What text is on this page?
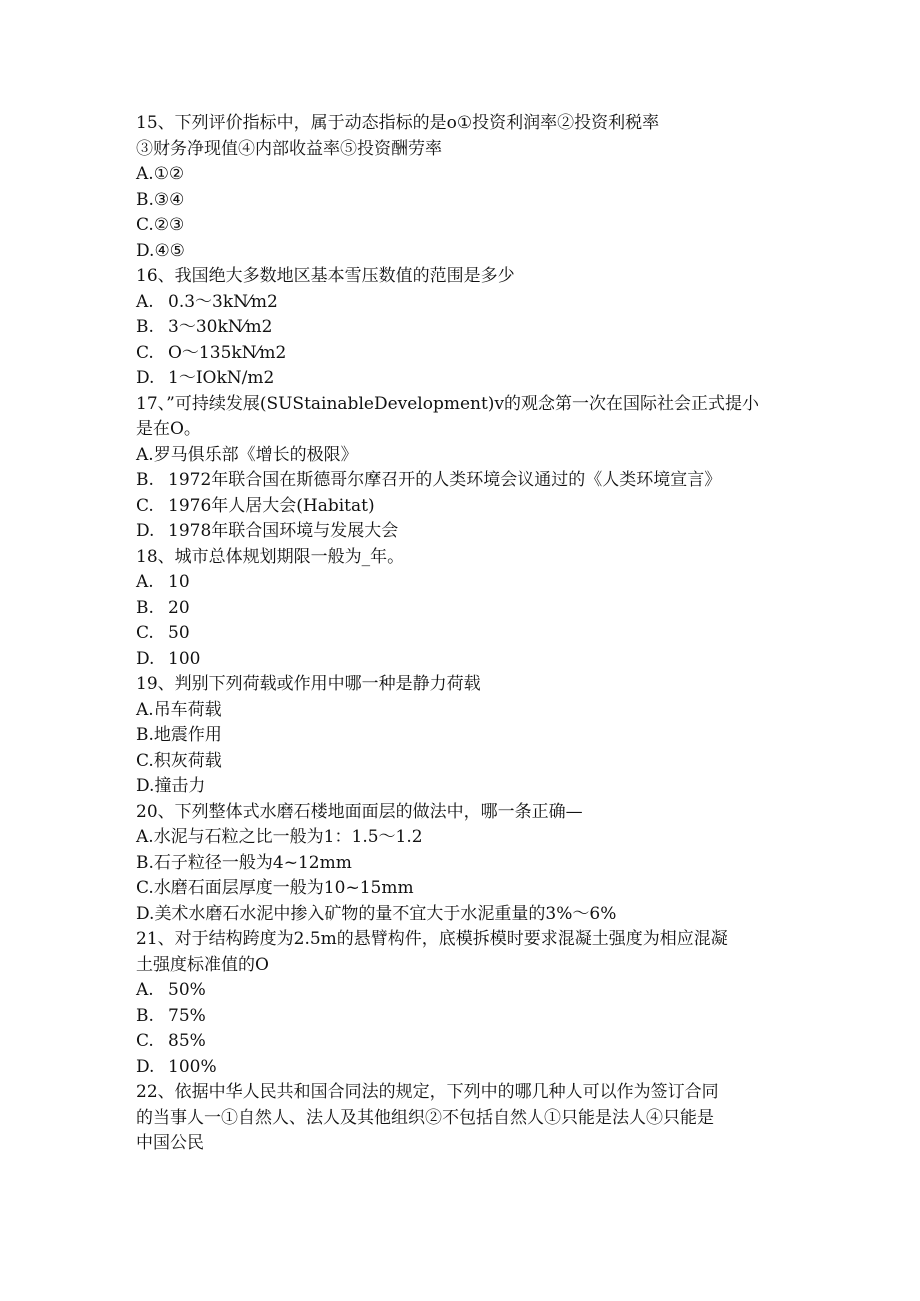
15、下列评价指标中，属于动态指标的是o①投资利润率②投资利税率
③财务净现值④内部收益率⑤投资酬劳率
A.①②
B.③④
C.②③
D.④⑤
16、我国绝大多数地区基本雪压数值的范围是多少
A. 0.3～3kN⁄m2
B. 3～30kN⁄m2
C. O～135kN⁄m2
D. 1～IOkN/m2
17、”可持续发展(SUStainableDevelopment)v的观念第一次在国际社会正式提小
是在O。
A.罗马俱乐部《增长的极限》
B. 1972年联合国在斯德哥尔摩召开的人类环境会议通过的《人类环境宣言》
C. 1976年人居大会(Habitat)
D. 1978年联合国环境与发展大会
18、城市总体规划期限一般为_年。
A. 10
B. 20
C. 50
D. 100
19、判别下列荷载或作用中哪一种是静力荷载
A.吊车荷载
B.地震作用
C.积灰荷载
D.撞击力
20、下列整体式水磨石楼地面面层的做法中，哪一条正确—
A.水泥与石粒之比一般为1：1.5～1.2
B.石子粒径一般为4~12mm
C.水磨石面层厚度一般为10~15mm
D.美术水磨石水泥中掺入矿物的量不宜大于水泥重量的3%～6%
21、对于结构跨度为2.5m的悬臂构件，底模拆模时要求混凝土强度为相应混凝
土强度标准值的O
A. 50%
B. 75%
C. 85%
D. 100%
22、依据中华人民共和国合同法的规定，下列中的哪几种人可以作为签订合同
的当事人一①自然人、法人及其他组织②不包括自然人①只能是法人④只能是
中国公民
